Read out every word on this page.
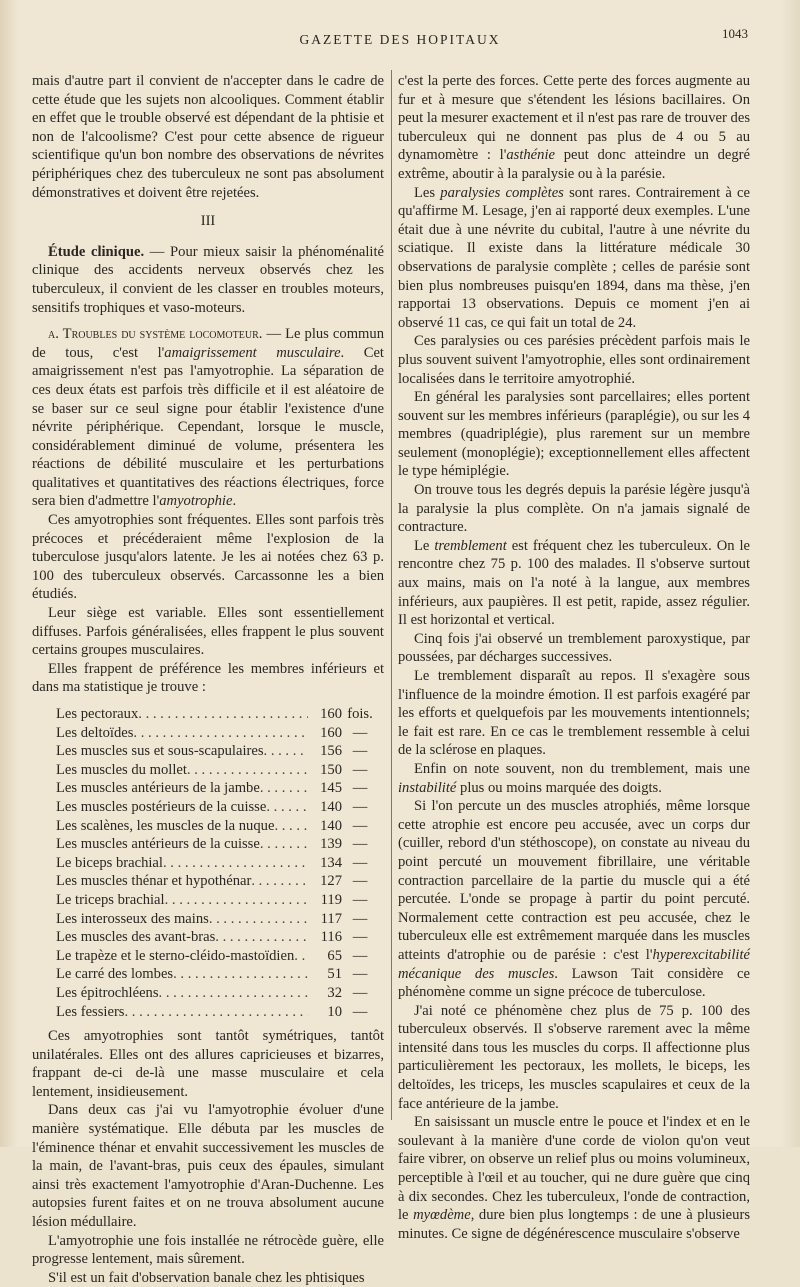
GAZETTE DES HOPITAUX	1043

mais d'autre part il convient de n'accepter dans le cadre de cette étude que les sujets non alcooliques. Comment établir en effet que le trouble observé est dépendant de la phtisie et non de l'alcoolisme? C'est pour cette absence de rigueur scientifique qu'un bon nombre des observations de névrites périphériques chez des tuberculeux ne sont pas absolument démonstratives et doivent être rejetées.

III

Étude clinique. — Pour mieux saisir la phénoménalité clinique des accidents nerveux observés chez les tuberculeux, il convient de les classer en troubles moteurs, sensitifs trophiques et vaso-moteurs.

a. Troubles du système locomoteur. — Le plus commun de tous, c'est l'amaigrissement musculaire. Cet amaigrissement n'est pas l'amyotrophie. La séparation de ces deux états est parfois très difficile et il est aléatoire de se baser sur ce seul signe pour établir l'existence d'une névrite périphérique. Cependant, lorsque le muscle, considérablement diminué de volume, présentera les réactions de débilité musculaire et les perturbations qualitatives et quantitatives des réactions électriques, force sera bien d'admettre l'amyotrophie.

Ces amyotrophies sont fréquentes. Elles sont parfois très précoces et précéderaient même l'explosion de la tuberculose jusqu'alors latente. Je les ai notées chez 63 p. 100 des tuberculeux observés. Carcassonne les a bien étudiés.

Leur siège est variable. Elles sont essentiellement diffuses. Parfois généralisées, elles frappent le plus souvent certains groupes musculaires.

Elles frappent de préférence les membres inférieurs et dans ma statistique je trouve :

Les pectoraux . . .	160 fois.
Les deltoïdes . . .	160 —
Les muscles sus et sous-scapulaires . . .	156 —
Les muscles du mollet . . .	150 —
Les muscles antérieurs de la jambe . . .	145 —
Les muscles postérieurs de la cuisse . . .	140 —
Les scalènes, les muscles de la nuque . . .	140 —
Les muscles antérieurs de la cuisse . . .	139 —
Le biceps brachial . . .	134 —
Les muscles thénar et hypothénar . . .	127 —
Le triceps brachial . . .	119 —
Les interosseux des mains . . .	117 —
Les muscles des avant-bras . . .	116 —
Le trapèze et le sterno-cléido-mastoïdien . . .	65 —
Le carré des lombes . . .	51 —
Les épitrochléens . . .	32 —
Les fessiers . . .	10 —

Ces amyotrophies sont tantôt symétriques, tantôt unilatérales. Elles ont des allures capricieuses et bizarres, frappant de-ci de-là une masse musculaire et cela lentement, insidieusement.

Dans deux cas j'ai vu l'amyotrophie évoluer d'une manière systématique. Elle débuta par les muscles de l'éminence thénar et envahit successivement les muscles de la main, de l'avant-bras, puis ceux des épaules, simulant ainsi très exactement l'amyotrophie d'Aran-Duchenne. Les autopsies furent faites et on ne trouva absolument aucune lésion médullaire.

L'amyotrophie une fois installée ne rétrocède guère, elle progresse lentement, mais sûrement.

S'il est un fait d'observation banale chez les phtisiques

c'est la perte des forces. Cette perte des forces augmente au fur et à mesure que s'étendent les lésions bacillaires. On peut la mesurer exactement et il n'est pas rare de trouver des tuberculeux qui ne donnent pas plus de 4 ou 5 au dynamomètre : l'asthénie peut donc atteindre un degré extrême, aboutir à la paralysie ou à la parésie.

Les paralysies complètes sont rares. Contrairement à ce qu'affirme M. Lesage, j'en ai rapporté deux exemples. L'une était due à une névrite du cubital, l'autre à une névrite du sciatique. Il existe dans la littérature médicale 30 observations de paralysie complète ; celles de parésie sont bien plus nombreuses puisqu'en 1894, dans ma thèse, j'en rapportai 13 observations. Depuis ce moment j'en ai observé 11 cas, ce qui fait un total de 24.

Ces paralysies ou ces parésies précèdent parfois mais le plus souvent suivent l'amyotrophie, elles sont ordinairement localisées dans le territoire amyotrophié.

En général les paralysies sont parcellaires; elles portent souvent sur les membres inférieurs (paraplégie), ou sur les 4 membres (quadriplégie), plus rarement sur un membre seulement (monoplégie); exceptionnellement elles affectent le type hémiplégie.

On trouve tous les degrés depuis la parésie légère jusqu'à la paralysie la plus complète. On n'a jamais signalé de contracture.

Le tremblement est fréquent chez les tuberculeux. On le rencontre chez 75 p. 100 des malades. Il s'observe surtout aux mains, mais on l'a noté à la langue, aux membres inférieurs, aux paupières. Il est petit, rapide, assez régulier. Il est horizontal et vertical.

Cinq fois j'ai observé un tremblement paroxystique, par poussées, par décharges successives.

Le tremblement disparaît au repos. Il s'exagère sous l'influence de la moindre émotion. Il est parfois exagéré par les efforts et quelquefois par les mouvements intentionnels; le fait est rare. En ce cas le tremblement ressemble à celui de la sclérose en plaques.

Enfin on note souvent, non du tremblement, mais une instabilité plus ou moins marquée des doigts.

Si l'on percute un des muscles atrophiés, même lorsque cette atrophie est encore peu accusée, avec un corps dur (cuiller, rebord d'un stéthoscope), on constate au niveau du point percuté un mouvement fibrillaire, une véritable contraction parcellaire de la partie du muscle qui a été percutée. L'onde se propage à partir du point percuté. Normalement cette contraction est peu accusée, chez le tuberculeux elle est extrêmement marquée dans les muscles atteints d'atrophie ou de parésie : c'est l'hyperexcitabilité mécanique des muscles. Lawson Tait considère ce phénomène comme un signe précoce de tuberculose.

J'ai noté ce phénomène chez plus de 75 p. 100 des tuberculeux observés. Il s'observe rarement avec la même intensité dans tous les muscles du corps. Il affectionne plus particulièrement les pectoraux, les mollets, le biceps, les deltoïdes, les triceps, les muscles scapulaires et ceux de la face antérieure de la jambe.

En saisissant un muscle entre le pouce et l'index et en le soulevant à la manière d'une corde de violon qu'on veut faire vibrer, on observe un relief plus ou moins volumineux, perceptible à l'œil et au toucher, qui ne dure guère que cinq à dix secondes. Chez les tuberculeux, l'onde de contraction, le myœdème, dure bien plus longtemps : de une à plusieurs minutes. Ce signe de dégénérescence musculaire s'observe
